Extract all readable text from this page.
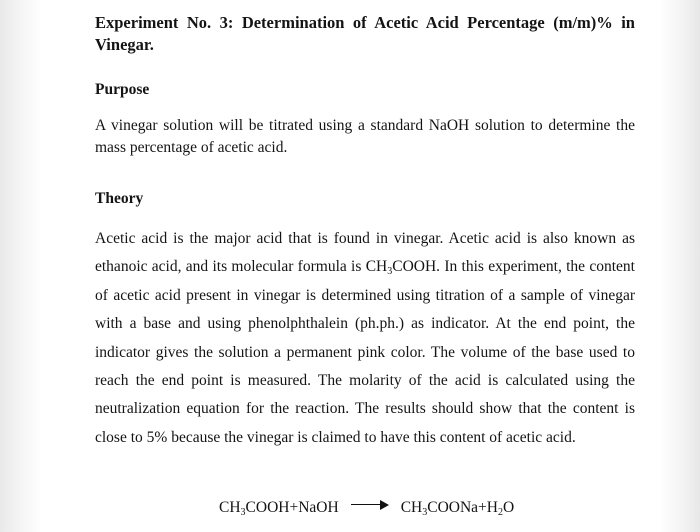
Experiment No. 3: Determination of Acetic Acid Percentage (m/m)% in Vinegar.
Purpose

A vinegar solution will be titrated using a standard NaOH solution to determine the mass percentage of acetic acid.

Theory

Acetic acid is the major acid that is found in vinegar. Acetic acid is also known as ethanoic acid, and its molecular formula is $CH_3COOH$. In this experiment, the content of acetic acid present in vinegar is determined using titration of a sample of vinegar with a base and using phenolphthalein (ph.ph.) as indicator. At the end point, the indicator gives the solution a permanent pink color. The volume of the base used to reach the end point is measured. The molarity of the acid is calculated using the neutralization equation for the reaction. The results should show that the content is close to 5% because the vinegar is claimed to have this content of acetic acid.

$CH_3COOH+NaOH$	$CH_3COONa+H_2O$
